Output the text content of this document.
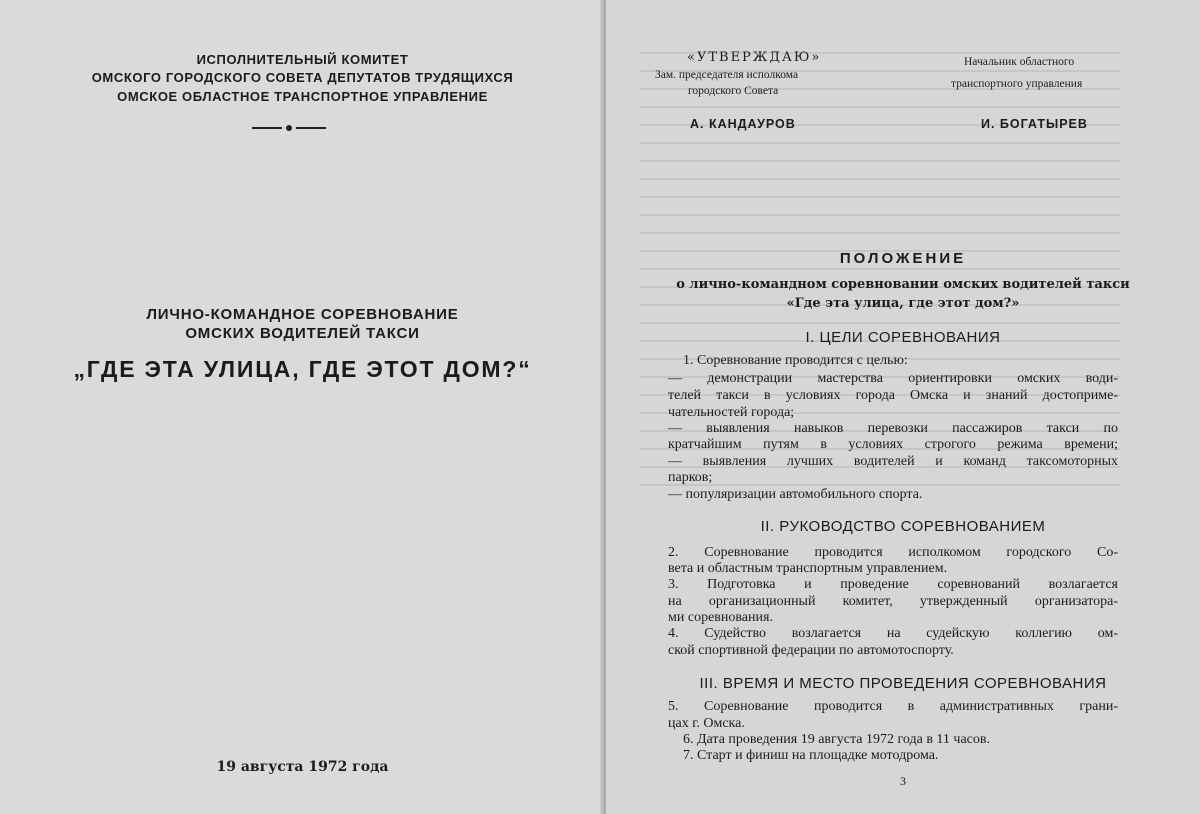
ИСПОЛНИТЕЛЬНЫЙ КОМИТЕТ
ОМСКОГО ГОРОДСКОГО СОВЕТА ДЕПУТАТОВ ТРУДЯЩИХСЯ
ОМСКОЕ ОБЛАСТНОЕ ТРАНСПОРТНОЕ УПРАВЛЕНИЕ
ЛИЧНО-КОМАНДНОЕ СОРЕВНОВАНИЕ
ОМСКИХ ВОДИТЕЛЕЙ ТАКСИ
„ГДЕ ЭТА УЛИЦА, ГДЕ ЭТОТ ДОМ?“
19 августа 1972 года
«УТВЕРЖДАЮ»
Зам. председателя исполкома
городского Совета
Начальник областного
транспортного управления
А. КАНДАУРОВ	И. БОГАТЫРЕВ
ПОЛОЖЕНИЕ
о лично-командном соревновании омских водителей такси
«Где эта улица, где этот дом?»
I. ЦЕЛИ СОРЕВНОВАНИЯ
1. Соревнование проводится с целью:
— демонстрации мастерства ориентировки омских води-
телей такси в условиях города Омска и знаний достоприме-
чательностей города;
— выявления навыков перевозки пассажиров такси по
кратчайшим путям в условиях строгого режима времени;
— выявления лучших водителей и команд таксомоторных
парков;
— популяризации автомобильного спорта.
II. РУКОВОДСТВО СОРЕВНОВАНИЕМ
2. Соревнование проводится исполкомом городского Со-
вета и областным транспортным управлением.
3. Подготовка и проведение соревнований возлагается
на организационный комитет, утвержденный организатора-
ми соревнования.
4. Судейство возлагается на судейскую коллегию ом-
ской спортивной федерации по автомотоспорту.
III. ВРЕМЯ И МЕСТО ПРОВЕДЕНИЯ СОРЕВНОВАНИЯ
5. Соревнование проводится в административных грани-
цах г. Омска.
6. Дата проведения 19 августа 1972 года в 11 часов.
7. Старт и финиш на площадке мотодрома.
3
